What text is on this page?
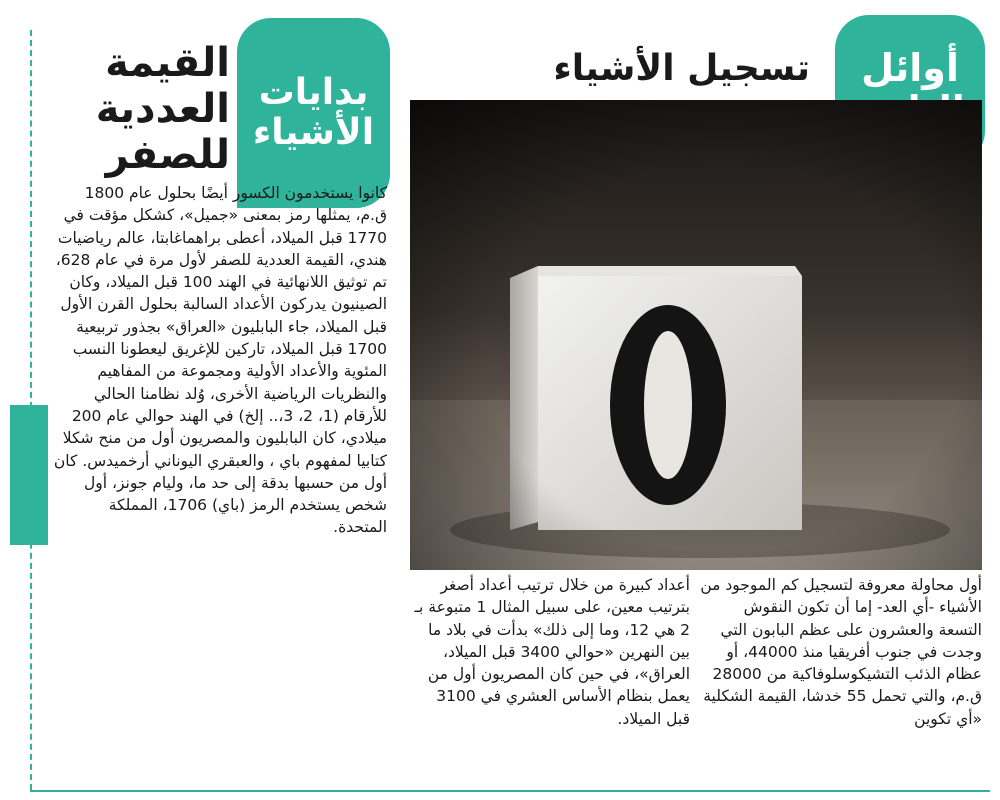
أوائل
بدايات الأشياء
تسجيل الأشياء
القيمة العددية للصفر

كانوا يستخدمون الكسور أيضًا بحلول عام 1800 ق.م، يمثلها رمز بمعنى «جميل»، كشكل مؤقت في 1770 قبل الميلاد، أعطى براهماغابتا، عالم رياضيات هندي، القيمة العددية للصفر لأول مرة في عام 628، تم توثيق اللانهائية في الهند 100 قبل الميلاد، وكان الصينيون يدركون الأعداد السالبة بحلول القرن الأول قبل الميلاد، جاء البابليون «العراق» بجذور تربيعية 1700 قبل الميلاد، تاركين للإغريق ليعطونا النسب المئوية والأعداد الأولية ومجموعة من المفاهيم والنظريات الرياضية الأخرى، وُلد نظامنا الحالي للأرقام (1، 2، 3،.. إلخ) في الهند حوالي عام 200 ميلادي، كان البابليون والمصريون أول من منح شكلا كتابيا لمفهوم باي ، والعبقري اليوناني أرخميدس. كان أول من حسبها بدقة إلى حد ما، وليام جونز، أول شخص يستخدم الرمز (باي) 1706، المملكة المتحدة.

أعداد كبيرة من خلال ترتيب أعداد أصغر بترتيب معين، على سبيل المثال 1 متبوعة بـ 2 هي 12، وما إلى ذلك» بدأت في بلاد ما بين النهرين «حوالي 3400 قبل الميلاد، العراق»، في حين كان المصريون أول من يعمل بنظام الأساس العشري في 3100 قبل الميلاد.

أول محاولة معروفة لتسجيل كم الموجود من الأشياء -أي العد- إما أن تكون النقوش التسعة والعشرون على عظم البابون التي وجدت في جنوب أفريقيا منذ 44000، أو عظام الذئب التشيكوسلوفاكية من 28000 ق.م، والتي تحمل 55 خدشا، القيمة الشكلية «أي تكوين
